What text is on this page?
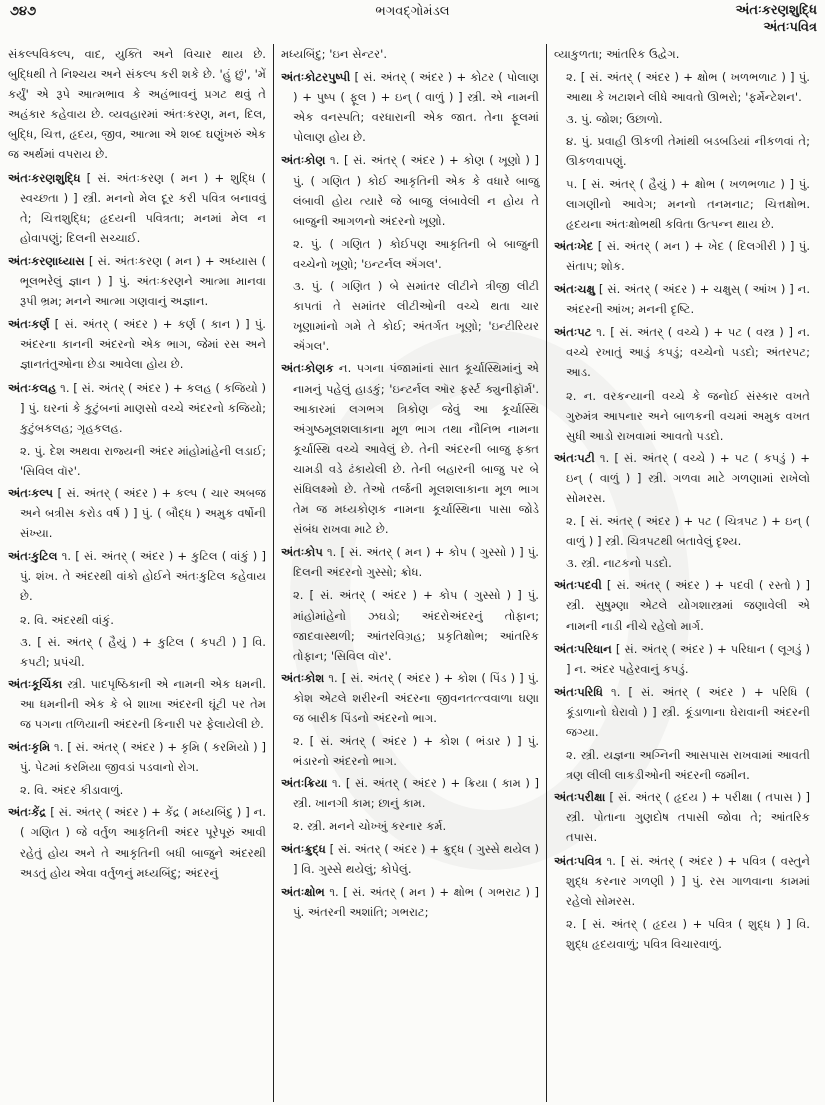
૭૪૭	ભગવદ્ગોમંડલ	અંતઃકરણશુદ્ધિ
અંતઃપવિત્ર

સંકલ્પવિકલ્પ, વાદ, યુક્તિ અને વિચાર થાય છે. બુદ્ધિથી તે નિશ્ચય અને સંકલ્પ કરી શકે છે. 'હું છું', 'મેં કર્યું' એ રૂપે આત્મભાવ કે અહંભાવનું પ્રગટ થવું તે અહંકાર કહેવાય છે. વ્યવહારમાં અંતઃકરણ, મન, દિલ, બુદ્ધિ, ચિત્ત, હૃદય, જીવ, આત્મા એ શબ્દ ઘણુંખરું એક જ અર્થમાં વપરાય છે.

અંતઃકરણશુદ્ધિ [ સં. અંતઃકરણ ( મન ) + શુદ્ધિ ( સ્વચ્છતા ) ] સ્ત્રી. મનનો મેલ દૂર કરી પવિત્ર બનાવવું તે; ચિત્તશુદ્ધિ; હૃદયની પવિત્રતા; મનમાં મેલ ન હોવાપણું; દિલની સચ્ચાઈ.

અંતઃકરણાધ્યાસ [ સં. અંતઃકરણ ( મન ) + અધ્યાસ ( ભૂલભરેલું જ્ઞાન ) ] પું. અંતઃકરણને આત્મા માનવા રૂપી ભ્રમ; મનને આત્મા ગણવાનું અજ્ઞાન.

અંતઃકર્ણ [ સં. અંતર્ ( અંદર ) + કર્ણ ( કાન ) ] પું. અંદરના કાનની અંદરનો એક ભાગ, જેમાં રસ અને જ્ઞાનતંતુઓના છેડા આવેલા હોય છે.

અંતઃકલહ ૧. [ સં. અંતર્ ( અંદર ) + કલહ ( કજિયો ) ] પું. ઘરનાં કે કુટુંબનાં માણસો વચ્ચે અંદરનો કજિયો; કુટુંબકલહ; ગૃહકલહ.

૨. પું. દેશ અથવા રાજ્યની અંદર માંહોમાંહેની લડાઈ; 'સિવિલ વૉર'.

અંતઃકલ્પ [ સં. અંતર્ ( અંદર ) + કલ્પ ( ચાર અબજ અને બત્રીસ કરોડ વર્ષ ) ] પું. ( બૌદ્ધ ) અમુક વર્ષોની સંખ્યા.

અંતઃકુટિલ ૧. [ સં. અંતર્ ( અંદર ) + કુટિલ ( વાંકું ) ] પું. શંખ. તે અંદરથી વાંકો હોઈને અંતઃકુટિલ કહેવાય છે.

૨. વિ. અંદરથી વાંકું.

૩. [ સં. અંતર્ ( હૈયું ) + કુટિલ ( કપટી ) ] વિ. કપટી; પ્રપંચી.

અંતઃકૂર્ચિકા સ્ત્રી. પાદપૃષ્ઠિકાની એ નામની એક ધમની. આ ધમનીની એક કે બે શાખા અંદરની ઘૂંટી પર તેમ જ પગના તળિયાની અંદરની કિનારી પર ફેલાયેલી છે.

અંતઃકૃમિ ૧. [ સં. અંતર્ ( અંદર ) + કૃમિ ( કરમિયો ) ] પું. પેટમાં કરમિયા જીવડાં પડવાનો રોગ.

૨. વિ. અંદર કીડાવાળું.

અંતઃકેંદ્ર [ સં. અંતર્ ( અંદર ) + કેંદ્ર ( મધ્યબિંદુ ) ] ન. ( ગણિત ) જે વર્તુળ આકૃતિની અંદર પૂરેપૂરું આવી રહેતું હોય અને તે આકૃતિની બધી બાજુને અંદરથી અડતું હોય એવા વર્તુળનું મધ્યબિંદુ; અંદરનું

મધ્યબિંદુ; 'ઇન સેન્ટર'.

અંતઃકોટરપુષ્પી [ સં. અંતર્ ( અંદર ) + કોટર ( પોલાણ ) + પુષ્પ ( ફૂલ ) + ઇન્ ( વાળું ) ] સ્ત્રી. એ નામની એક વનસ્પતિ; વરધારાની એક જાત. તેના ફૂલમાં પોલાણ હોય છે.

અંતઃકોણ ૧. [ સં. અંતર્ ( અંદર ) + કોણ ( ખૂણો ) ] પું. ( ગણિત ) કોઈ આકૃતિની એક કે વધારે બાજુ લંબાવી હોય ત્યારે જે બાજુ લંબાવેલી ન હોય તે બાજુની આગળનો અંદરનો ખૂણો.

૨. પું. ( ગણિત ) કોઈપણ આકૃતિની બે બાજુની વચ્ચેનો ખૂણો; 'ઇન્ટર્નલ ઍંગલ'.

૩. પું. ( ગણિત ) બે સમાંતર લીટીને ત્રીજી લીટી કાપતાં તે સમાંતર લીટીઓની વચ્ચે થતા ચાર ખૂણામાંનો ગમે તે કોઈ; અંતર્ગત ખૂણો; 'ઇન્ટીરિયર ઍંગલ'.

અંતઃકોણક ન. પગના પંજામાંનાં સાત કૂર્ચાસ્થિમાંનું એ નામનું પહેલું હાડકું; 'ઇન્ટર્નલ ઑર ફર્સ્ટ ક્યુનીફૉર્મ'. આકારમાં લગભગ ત્રિકોણ જેવું આ કૂર્ચાસ્થિ અંગુષ્ઠમૂલશલાકાના મૂળ ભાગ તથા નૌનિભ નામના કૂર્ચાસ્થિ વચ્ચે આવેલું છે. તેની અંદરની બાજુ ફક્ત ચામડી વડે ઢંકાયેલી છે. તેની બહારની બાજુ પર બે સંધિલક્ષ્મો છે. તેઓ તર્જની મૂલશલાકાના મૂળ ભાગ તેમ જ મધ્યકોણક નામના કૂર્ચાસ્થિના પાસા જોડે સંબંધ રાખવા માટે છે.

અંતઃકોપ ૧. [ સં. અંતર્ ( મન ) + કોપ ( ગુસ્સો ) ] પું. દિલની અંદરનો ગુસ્સો; ક્રોધ.

૨. [ સં. અંતર્ ( અંદર ) + કોપ ( ગુસ્સો ) ] પું. માંહોમાંહેનો ઝઘડો; અંદરોઅંદરનું તોફાન; જાદવાસ્થળી; આંતરવિગ્રહ; પ્રકૃતિક્ષોભ; આંતરિક તોફાન; 'સિવિલ વૉર'.

અંતઃકોશ ૧. [ સં. અંતર્ ( અંદર ) + કોશ ( પિંડ ) ] પું. કોશ એટલે શરીરની અંદરના જીવનતત્ત્વવાળા ઘણા જ બારીક પિંડનો અંદરનો ભાગ.

૨. [ સં. અંતર્ ( અંદર ) + કોશ ( ભંડાર ) ] પું. ભંડારનો અંદરનો ભાગ.

અંતઃક્રિયા ૧. [ સં. અંતર્ ( અંદર ) + ક્રિયા ( કામ ) ] સ્ત્રી. ખાનગી કામ; છાનું કામ.

૨. સ્ત્રી. મનને ચોખ્ખું કરનાર કર્મ.

અંતઃક્રુદ્ધ [ સં. અંતર્ ( અંદર ) + ક્રુદ્ધ ( ગુસ્સે થયેલ ) ] વિ. ગુસ્સે થયેલું; કોપેલું.

અંતઃક્ષોભ ૧. [ સં. અંતર્ ( મન ) + ક્ષોભ ( ગભરાટ ) ] પું. અંતરની અશાંતિ; ગભરાટ;

વ્યાકુળતા; આંતરિક ઉદ્વેગ.

૨. [ સં. અંતર્ ( અંદર ) + ક્ષોભ ( ખળભળાટ ) ] પું. આથા કે ખટાશને લીધે આવતો ઊભરો; 'ફર્મેન્ટેશન'.

૩. પું. જોશ; ઉછાળો.

૪. પું. પ્રવાહી ઊકળી તેમાંથી બડબડિયાં નીકળવાં તે; ઊકળવાપણું.

૫. [ સં. અંતર્ ( હૈયું ) + ક્ષોભ ( ખળભળાટ ) ] પું. લાગણીનો આવેગ; મનનો તનમનાટ; ચિત્તક્ષોભ. હૃદયના અંતઃક્ષોભથી કવિતા ઉત્પન્ન થાય છે.

અંતઃખેદ [ સં. અંતર્ ( મન ) + ખેદ ( દિલગીરી ) ] પું. સંતાપ; શોક.

અંતઃચક્ષુ [ સં. અંતર્ ( અંદર ) + ચક્ષુસ્ ( આંખ ) ] ન. અંદરની આંખ; મનની દૃષ્ટિ.

અંતઃપટ ૧. [ સં. અંતર્ ( વચ્ચે ) + પટ ( વસ્ત્ર ) ] ન. વચ્ચે રખાતું આડું કપડું; વચ્ચેનો પડદો; અંતરપટ; આડ.

૨. ન. વરકન્યાની વચ્ચે કે જનોઈ સંસ્કાર વખતે ગુરુમંત્ર આપનાર અને બાળકની વચમાં અમુક વખત સુધી આડો રાખવામાં આવતો પડદો.

અંતઃપટી ૧. [ સં. અંતર્ ( વચ્ચે ) + પટ ( કપડું ) + ઇન્ ( વાળું ) ] સ્ત્રી. ગળવા માટે ગળણામાં રાખેલો સોમરસ.

૨. [ સં. અંતર્ ( અંદર ) + પટ ( ચિત્રપટ ) + ઇન્ ( વાળું ) ] સ્ત્રી. ચિત્રપટથી બતાવેલું દૃશ્ય.

૩. સ્ત્રી. નાટકનો પડદો.

અંતઃપદવી [ સં. અંતર્ ( અંદર ) + પદવી ( રસ્તો ) ] સ્ત્રી. સુષુમ્ણા એટલે યોગશાસ્ત્રમાં જણાવેલી એ નામની નાડી નીચે રહેલો માર્ગ.

અંતઃપરિધાન [ સં. અંતર્ ( અંદર ) + પરિધાન ( લૂગડું ) ] ન. અંદર પહેરવાનું કપડું.

અંતઃપરિધિ ૧. [ સં. અંતર્ ( અંદર ) + પરિધિ ( કૂંડાળાનો ઘેરાવો ) ] સ્ત્રી. કૂંડાળાના ઘેરાવાની અંદરની જગ્યા.

૨. સ્ત્રી. યજ્ઞના અગ્નિની આસપાસ રાખવામાં આવતી ત્રણ લીલી લાકડીઓની અંદરની જમીન.

અંતઃપરીક્ષા [ સં. અંતર્ ( હૃદય ) + પરીક્ષા ( તપાસ ) ] સ્ત્રી. પોતાના ગુણદોષ તપાસી જોવા તે; આંતરિક તપાસ.

અંતઃપવિત્ર ૧. [ સં. અંતર્ ( અંદર ) + પવિત્ર ( વસ્તુને શુદ્ધ કરનાર ગળણી ) ] પું. રસ ગાળવાના કામમાં રહેલો સોમરસ.

૨. [ સં. અંતર્ ( હૃદય ) + પવિત્ર ( શુદ્ધ ) ] વિ. શુદ્ધ હૃદયવાળું; પવિત્ર વિચારવાળું.
